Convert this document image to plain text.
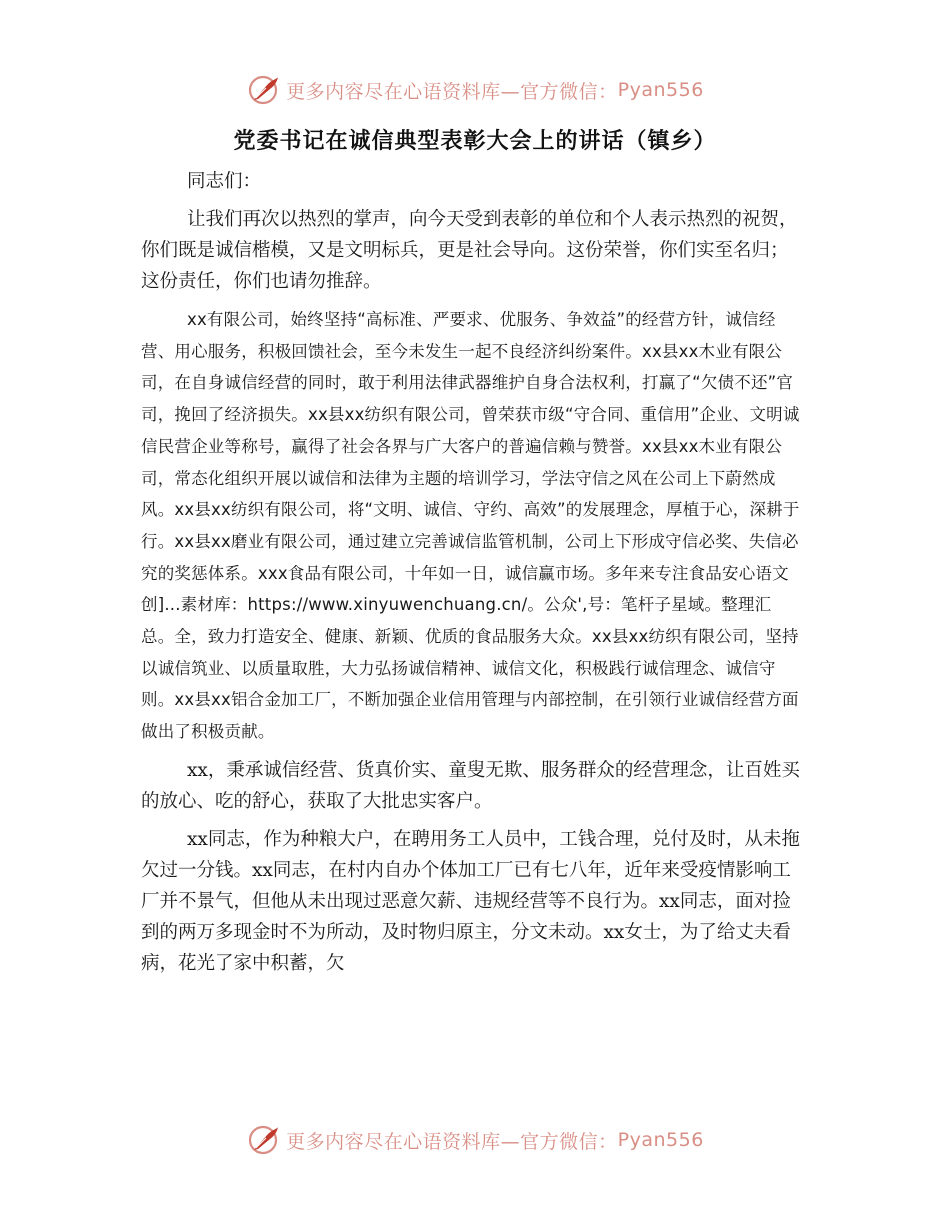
更多内容尽在心语资料库—官方微信： Pyan556
党委书记在诚信典型表彰大会上的讲话（镇乡）

同志们：

让我们再次以热烈的掌声，向今天受到表彰的单位和个人表示热烈的祝贺，你们既是诚信楷模，又是文明标兵，更是社会导向。这份荣誉，你们实至名归；这份责任，你们也请勿推辞。

xx有限公司，始终坚持“高标准、严要求、优服务、争效益”的经营方针，诚信经营、用心服务，积极回馈社会，至今未发生一起不良经济纠纷案件。xx县xx木业有限公司，在自身诚信经营的同时，敢于利用法律武器维护自身合法权利，打赢了“欠债不还”官司，挽回了经济损失。xx县xx纺织有限公司，曾荣获市级“守合同、重信用”企业、文明诚信民营企业等称号，赢得了社会各界与广大客户的普遍信赖与赞誉。xx县xx木业有限公司，常态化组织开展以诚信和法律为主题的培训学习，学法守信之风在公司上下蔚然成风。xx县xx纺织有限公司，将“文明、诚信、守约、高效”的发展理念，厚植于心，深耕于行。xx县xx磨业有限公司，通过建立完善诚信监管机制，公司上下形成守信必奖、失信必究的奖惩体系。xxx食品有限公司，十年如一日，诚信赢市场。多年来专注食品安心语文创]...素材库：https://www.xinyuwenchuang.cn/。公众',号：笔杆子星域。整理汇总。全，致力打造安全、健康、新颖、优质的食品服务大众。xx县xx纺织有限公司，坚持以诚信筑业、以质量取胜，大力弘扬诚信精神、诚信文化，积极践行诚信理念、诚信守则。xx县xx铝合金加工厂，不断加强企业信用管理与内部控制，在引领行业诚信经营方面做出了积极贡献。

xx，秉承诚信经营、货真价实、童叟无欺、服务群众的经营理念，让百姓买的放心、吃的舒心，获取了大批忠实客户。

xx同志，作为种粮大户，在聘用务工人员中，工钱合理，兑付及时，从未拖欠过一分钱。xx同志，在村内自办个体加工厂已有七八年，近年来受疫情影响工厂并不景气，但他从未出现过恶意欠薪、违规经营等不良行为。xx同志，面对捡到的两万多现金时不为所动，及时物归原主，分文未动。xx女士，为了给丈夫看病，花光了家中积蓄，欠

更多内容尽在心语资料库—官方微信： Pyan556
